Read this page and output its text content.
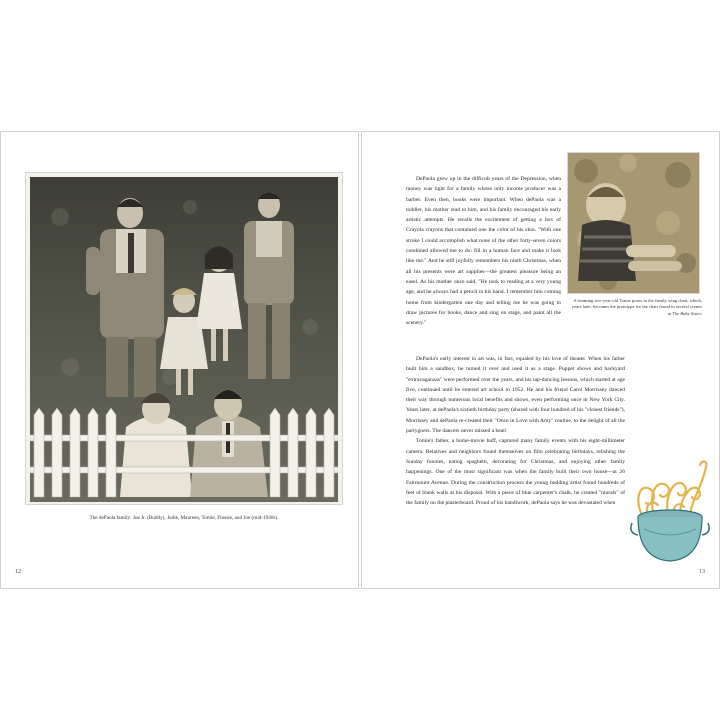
The dePaola family: Joe Jr. (Buddy), Judie, Maureen, Tomie, Flossie, and Joe (mid-1940s).
12

DePaola grew up in the difficult years of the Depression, when money was tight for a family whose only income producer was a barber. Even then, books were important. When dePaola was a toddler, his mother read to him, and his family encouraged his early artistic attempts. He recalls the excitement of getting a box of Crayola crayons that contained one the color of his skin. "With one stroke I could accomplish what none of the other forty-seven colors combined allowed me to do: fill in a human face and make it look like me." And he still joyfully remembers his ninth Christmas, when all his presents were art supplies—the greatest pleasure being an easel. As his mother once said, "He took to reading at a very young age, and he always had a pencil in his hand. I remember him coming home from kindergarten one day and telling me he was going to draw pictures for books, dance and sing on stage, and paint all the scenery."

A beaming two-year-old Tomie poses in the family wing chair, which, years later, becomes the prototype for the chair found in several scenes in The Baby Sister.

DePaola's early interest in art was, in fact, equaled by his love of theater. When his father built him a sandbox, he turned it over and used it as a stage. Puppet shows and backyard "extravaganzas" were performed over the years, and his tap-dancing lessons, which started at age five, continued until he entered art school in 1952. He and his friend Carol Morrissey danced their way through numerous local benefits and shows, even performing once in New York City. Years later, at dePaola's sixtieth birthday party (shared with four hundred of his "closest friends"), Morrissey and dePaola re-created their "Once in Love with Amy" routine, to the delight of all the partygoers. The dancers never missed a beat!

Tomie's father, a home-movie buff, captured many family events with his eight-millimeter camera. Relatives and neighbors found themselves on film celebrating birthdays, relishing the Sunday funnies, eating spaghetti, decorating for Christmas, and enjoying other family happenings. One of the most significant was when the family built their own house—at 26 Fairmount Avenue. During the construction process the young budding artist found hundreds of feet of blank walls at his disposal. With a piece of blue carpenter's chalk, he created "murals" of the family on the plasterboard. Proud of his handiwork, dePaola says he was devastated when

13
